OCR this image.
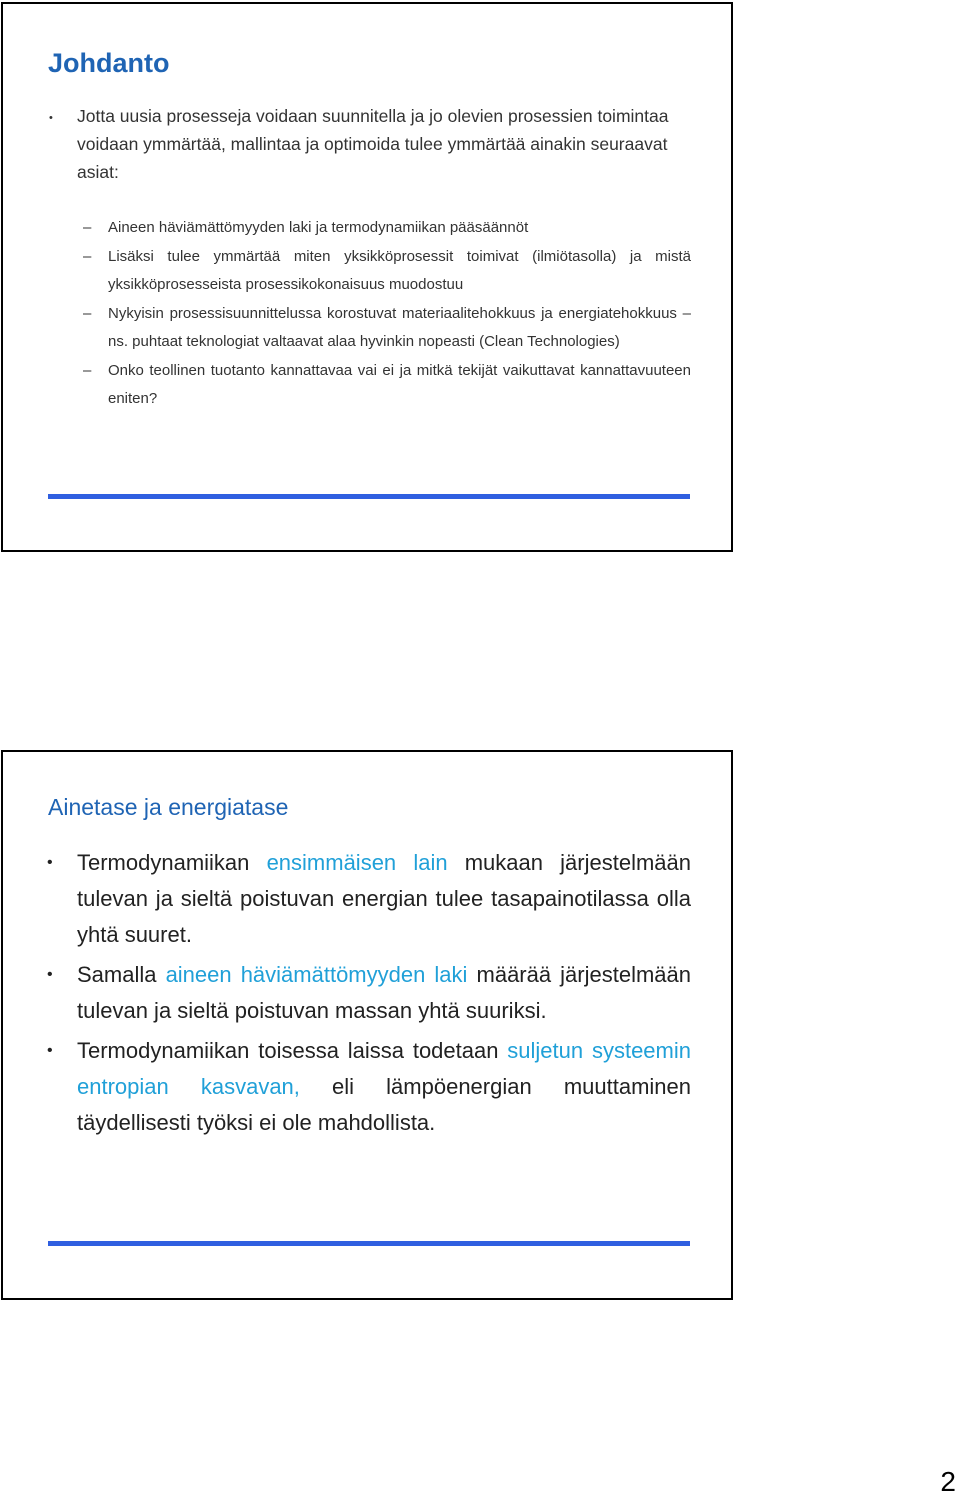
Johdanto
• Jotta uusia prosesseja voidaan suunnitella ja jo olevien prosessien toimintaa voidaan ymmärtää, mallintaa ja optimoida tulee ymmärtää ainakin seuraavat asiat:
– Aineen häviämättömyyden laki ja termodynamiikan pääsäännöt
– Lisäksi tulee ymmärtää miten yksikköprosessit toimivat (ilmiötasolla) ja mistä yksikköprosesseista prosessikokonaisuus muodostuu
– Nykyisin prosessisuunnittelussa korostuvat materiaalitehokkuus ja energiatehokkuus – ns. puhtaat teknologiat valtaavat alaa hyvinkin nopeasti (Clean Technologies)
– Onko teollinen tuotanto kannattavaa vai ei ja mitkä tekijät vaikuttavat kannattavuuteen eniten?
Ainetase ja energiatase
• Termodynamiikan ensimmäisen lain mukaan järjestelmään tulevan ja sieltä poistuvan energian tulee tasapainotilassa olla yhtä suuret.
• Samalla aineen häviämättömyyden laki määrää järjestelmään tulevan ja sieltä poistuvan massan yhtä suuriksi.
• Termodynamiikan toisessa laissa todetaan suljetun systeemin entropian kasvavan, eli lämpöenergian muuttaminen täydellisesti työksi ei ole mahdollista.
2
